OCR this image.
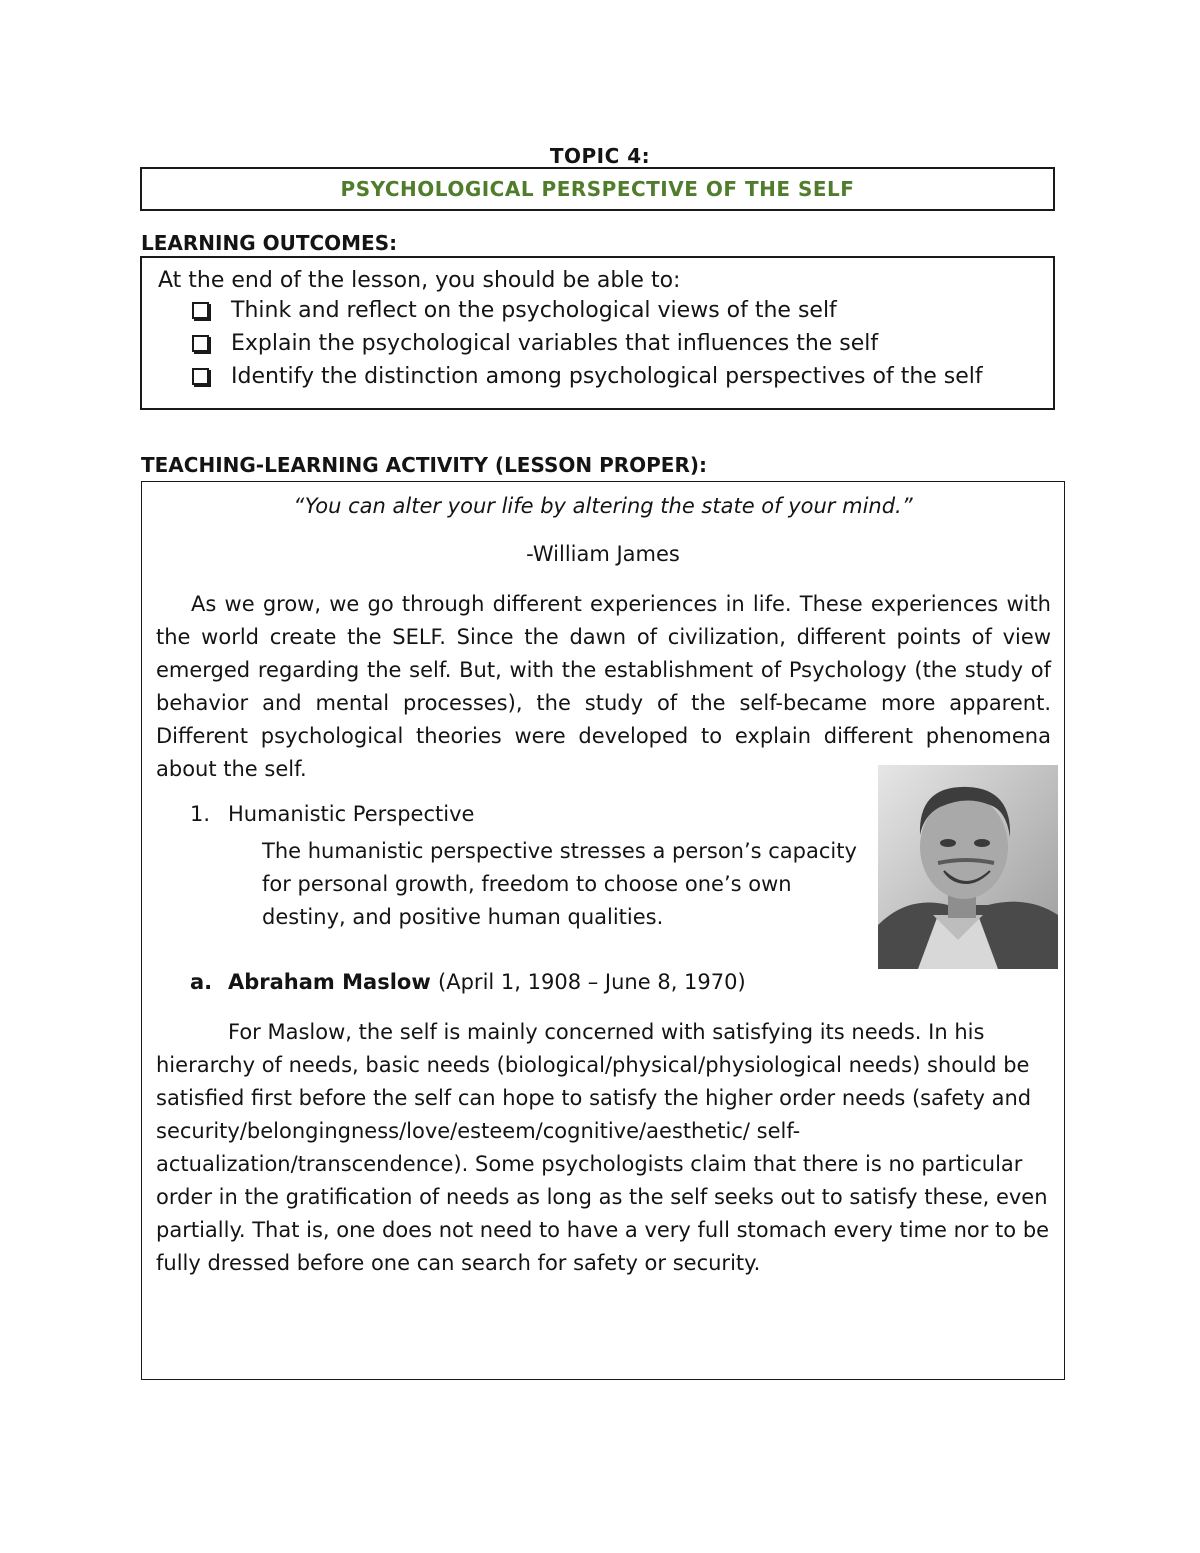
TOPIC 4:
PSYCHOLOGICAL PERSPECTIVE OF THE SELF
LEARNING OUTCOMES:
At the end of the lesson, you should be able to:
Think and reflect on the psychological views of the self
Explain the psychological variables that influences the self
Identify the distinction among psychological perspectives of the self
TEACHING-LEARNING ACTIVITY (LESSON PROPER):
“You can alter your life by altering the state of your mind.”
-William James
As we grow, we go through different experiences in life. These experiences with the world create the SELF. Since the dawn of civilization, different points of view emerged regarding the self. But, with the establishment of Psychology (the study of behavior and mental processes), the study of the self-became more apparent. Different psychological theories were developed to explain different phenomena about the self.
1. Humanistic Perspective
The humanistic perspective stresses a person’s capacity for personal growth, freedom to choose one’s own destiny, and positive human qualities.
a. Abraham Maslow (April 1, 1908 – June 8, 1970)
For Maslow, the self is mainly concerned with satisfying its needs. In his hierarchy of needs, basic needs (biological/physical/physiological needs) should be satisfied first before the self can hope to satisfy the higher order needs (safety and security/belongingness/love/esteem/cognitive/aesthetic/ self-actualization/transcendence). Some psychologists claim that there is no particular order in the gratification of needs as long as the self seeks out to satisfy these, even partially. That is, one does not need to have a very full stomach every time nor to be fully dressed before one can search for safety or security.
